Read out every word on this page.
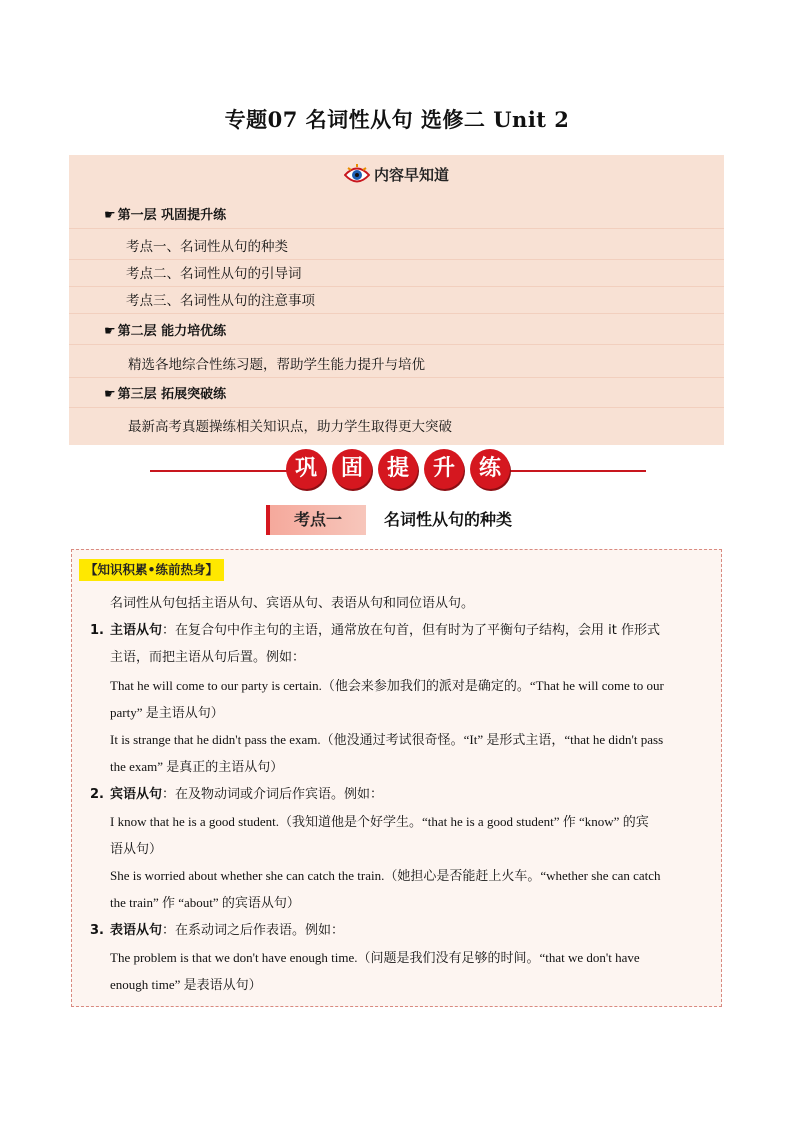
专题07 名词性从句 选修二 Unit 2
内容早知道
☛ 第一层 巩固提升练
考点一、名词性从句的种类
考点二、名词性从句的引导词
考点三、名词性从句的注意事项
☛ 第二层 能力培优练
精选各地综合性练习题，帮助学生能力提升与培优
☛ 第三层 拓展突破练
最新高考真题操练相关知识点，助力学生取得更大突破
巩	固	提	升	练
考点一	名词性从句的种类
【知识积累•练前热身】
名词性从句包括主语从句、宾语从句、表语从句和同位语从句。
1. 主语从句：在复合句中作主句的主语，通常放在句首，但有时为了平衡句子结构，会用 it 作形式
主语，而把主语从句后置。例如：
That he will come to our party is certain.（他会来参加我们的派对是确定的。“That he will come to our
party” 是主语从句）
It is strange that he didn't pass the exam.（他没通过考试很奇怪。“It” 是形式主语，“that he didn't pass
the exam” 是真正的主语从句）
2. 宾语从句：在及物动词或介词后作宾语。例如：
I know that he is a good student.（我知道他是个好学生。“that he is a good student” 作 “know” 的宾
语从句）
She is worried about whether she can catch the train.（她担心是否能赶上火车。“whether she can catch
the train” 作 “about” 的宾语从句）
3. 表语从句：在系动词之后作表语。例如：
The problem is that we don't have enough time.（问题是我们没有足够的时间。“that we don't have
enough time” 是表语从句）
